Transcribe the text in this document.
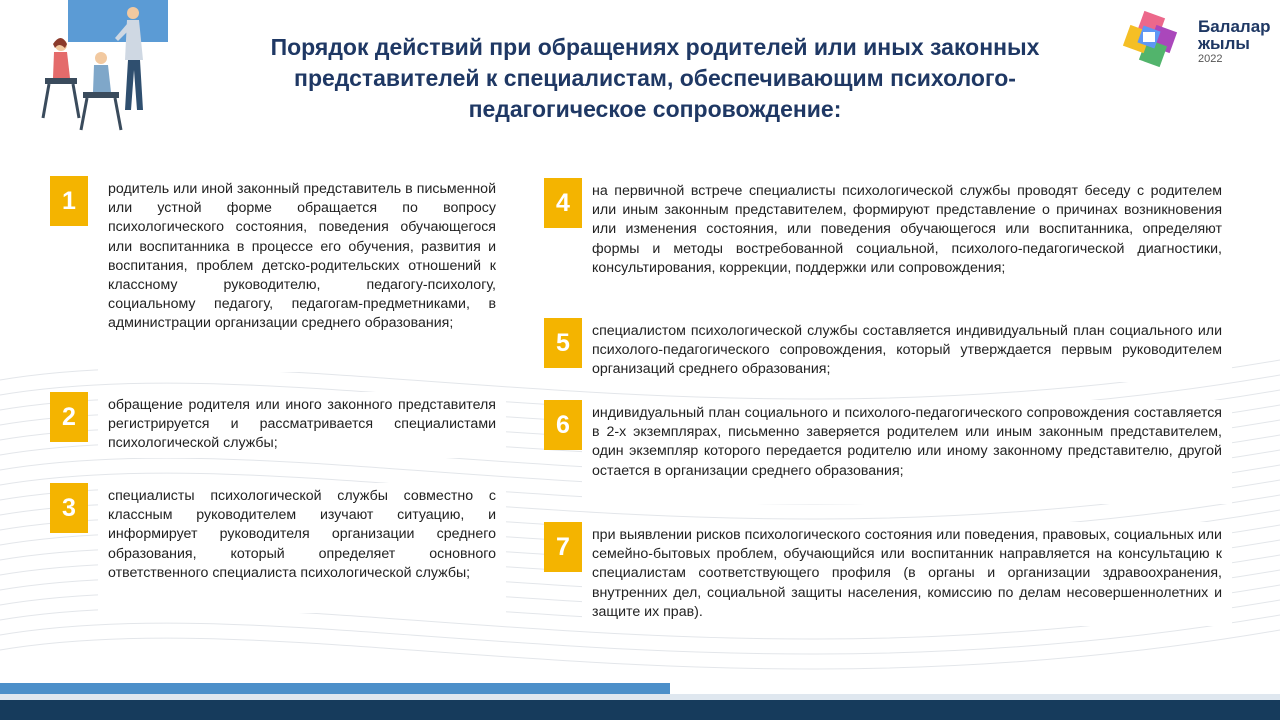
Порядок действий при обращениях родителей или иных законных представителей к специалистам, обеспечивающим психолого-педагогическое сопровождение:
Балалар жылы
2022
1	родитель или иной законный представитель в письменной или устной форме обращается по вопросу психологического состояния, поведения обучающегося или воспитанника в процессе его обучения, развития и воспитания, проблем детско-родительских отношений к классному руководителю, педагогу-психологу, социальному педагогу, педагогам-предметниками, в администрации организации среднего образования;
2	обращение родителя или иного законного представителя регистрируется и рассматривается специалистами психологической службы;
3	специалисты психологической службы совместно с классным руководителем изучают ситуацию, и информирует руководителя организации среднего образования, который определяет основного ответственного специалиста психологической службы;
4	на первичной встрече специалисты психологической службы проводят беседу с родителем или иным законным представителем, формируют представление о причинах возникновения или изменения состояния, или поведения обучающегося или воспитанника, определяют формы и методы востребованной социальной, психолого-педагогической диагностики, консультирования, коррекции, поддержки или сопровождения;
5	специалистом психологической службы составляется индивидуальный план социального или психолого-педагогического сопровождения, который утверждается первым руководителем организаций среднего образования;
6	индивидуальный план социального и психолого-педагогического сопровождения составляется в 2-х экземплярах, письменно заверяется родителем или иным законным представителем, один экземпляр которого передается родителю или иному законному представителю, другой остается в организации среднего образования;
7	при выявлении рисков психологического состояния или поведения, правовых, социальных или семейно-бытовых проблем, обучающийся или воспитанник направляется на консультацию к специалистам соответствующего профиля (в органы и организации здравоохранения, внутренних дел, социальной защиты населения, комиссию по делам несовершеннолетних и защите их прав).
